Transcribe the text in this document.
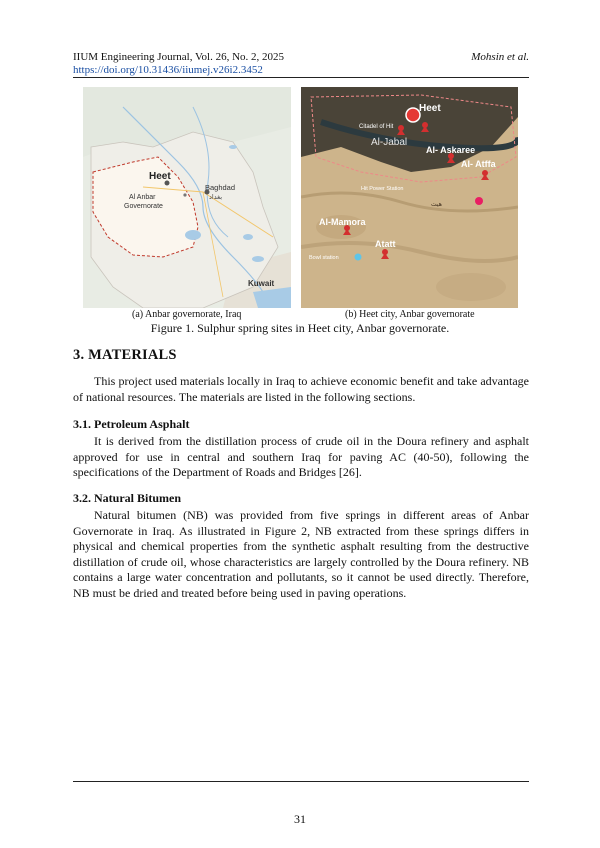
IIUM Engineering Journal, Vol. 26, No. 2, 2025	Mohsin et al.
https://doi.org/10.31436/iiumej.v26i2.3452
Heet
Al Anbar
Governorate
Baghdad
بغداد
Kuwait
Heet
Citadel of Hit
Al-Jabal
Al- Askaree
Al- Atffa
Hit Power Station
هيت
Al-Mamora
Atatt
Bowl station
(a) Anbar governorate, Iraq	(b) Heet city, Anbar governorate
Figure 1. Sulphur spring sites in Heet city, Anbar governorate.
3. MATERIALS
This project used materials locally in Iraq to achieve economic benefit and take advantage of national resources. The materials are listed in the following sections.
3.1. Petroleum Asphalt
It is derived from the distillation process of crude oil in the Doura refinery and asphalt approved for use in central and southern Iraq for paving AC (40-50), following the specifications of the Department of Roads and Bridges [26].
3.2. Natural Bitumen
Natural bitumen (NB) was provided from five springs in different areas of Anbar Governorate in Iraq. As illustrated in Figure 2, NB extracted from these springs differs in physical and chemical properties from the synthetic asphalt resulting from the destructive distillation of crude oil, whose characteristics are largely controlled by the Doura refinery. NB contains a large water concentration and pollutants, so it cannot be used directly. Therefore, NB must be dried and treated before being used in paving operations.
31
